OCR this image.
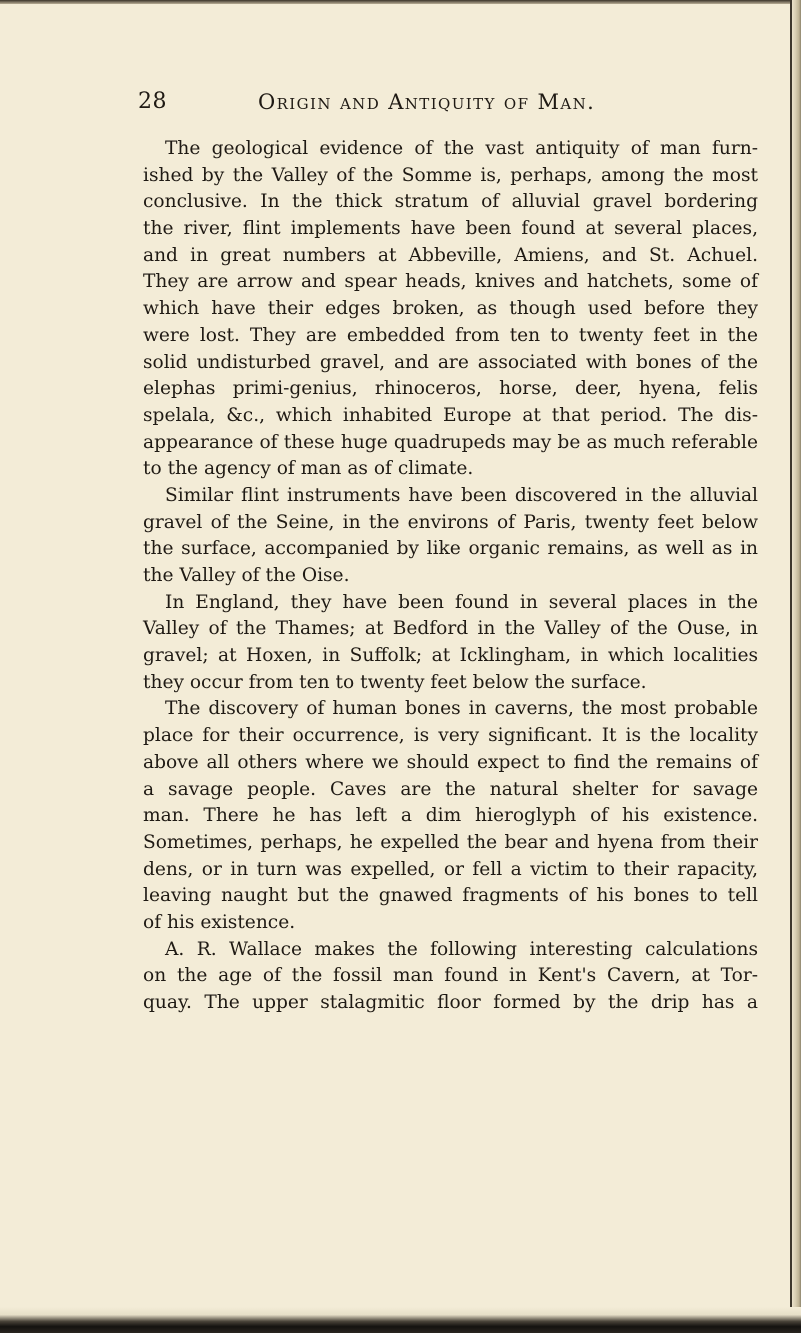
28	Origin and Antiquity of Man.
The geological evidence of the vast antiquity of man furn-
ished by the Valley of the Somme is, perhaps, among the most
conclusive. In the thick stratum of alluvial gravel bordering
the river, flint implements have been found at several places,
and in great numbers at Abbeville, Amiens, and St. Achuel.
They are arrow and spear heads, knives and hatchets, some of
which have their edges broken, as though used before they
were lost. They are embedded from ten to twenty feet in the
solid undisturbed gravel, and are associated with bones of the
elephas primi-genius, rhinoceros, horse, deer, hyena, felis
spelala, &c., which inhabited Europe at that period. The dis-
appearance of these huge quadrupeds may be as much referable
to the agency of man as of climate.
Similar flint instruments have been discovered in the alluvial
gravel of the Seine, in the environs of Paris, twenty feet below
the surface, accompanied by like organic remains, as well as in
the Valley of the Oise.
In England, they have been found in several places in the
Valley of the Thames; at Bedford in the Valley of the Ouse, in
gravel; at Hoxen, in Suffolk; at Icklingham, in which localities
they occur from ten to twenty feet below the surface.
The discovery of human bones in caverns, the most probable
place for their occurrence, is very significant. It is the locality
above all others where we should expect to find the remains of
a savage people. Caves are the natural shelter for savage
man. There he has left a dim hieroglyph of his existence.
Sometimes, perhaps, he expelled the bear and hyena from their
dens, or in turn was expelled, or fell a victim to their rapacity,
leaving naught but the gnawed fragments of his bones to tell
of his existence.
A. R. Wallace makes the following interesting calculations
on the age of the fossil man found in Kent's Cavern, at Tor-
quay. The upper stalagmitic floor formed by the drip has a
